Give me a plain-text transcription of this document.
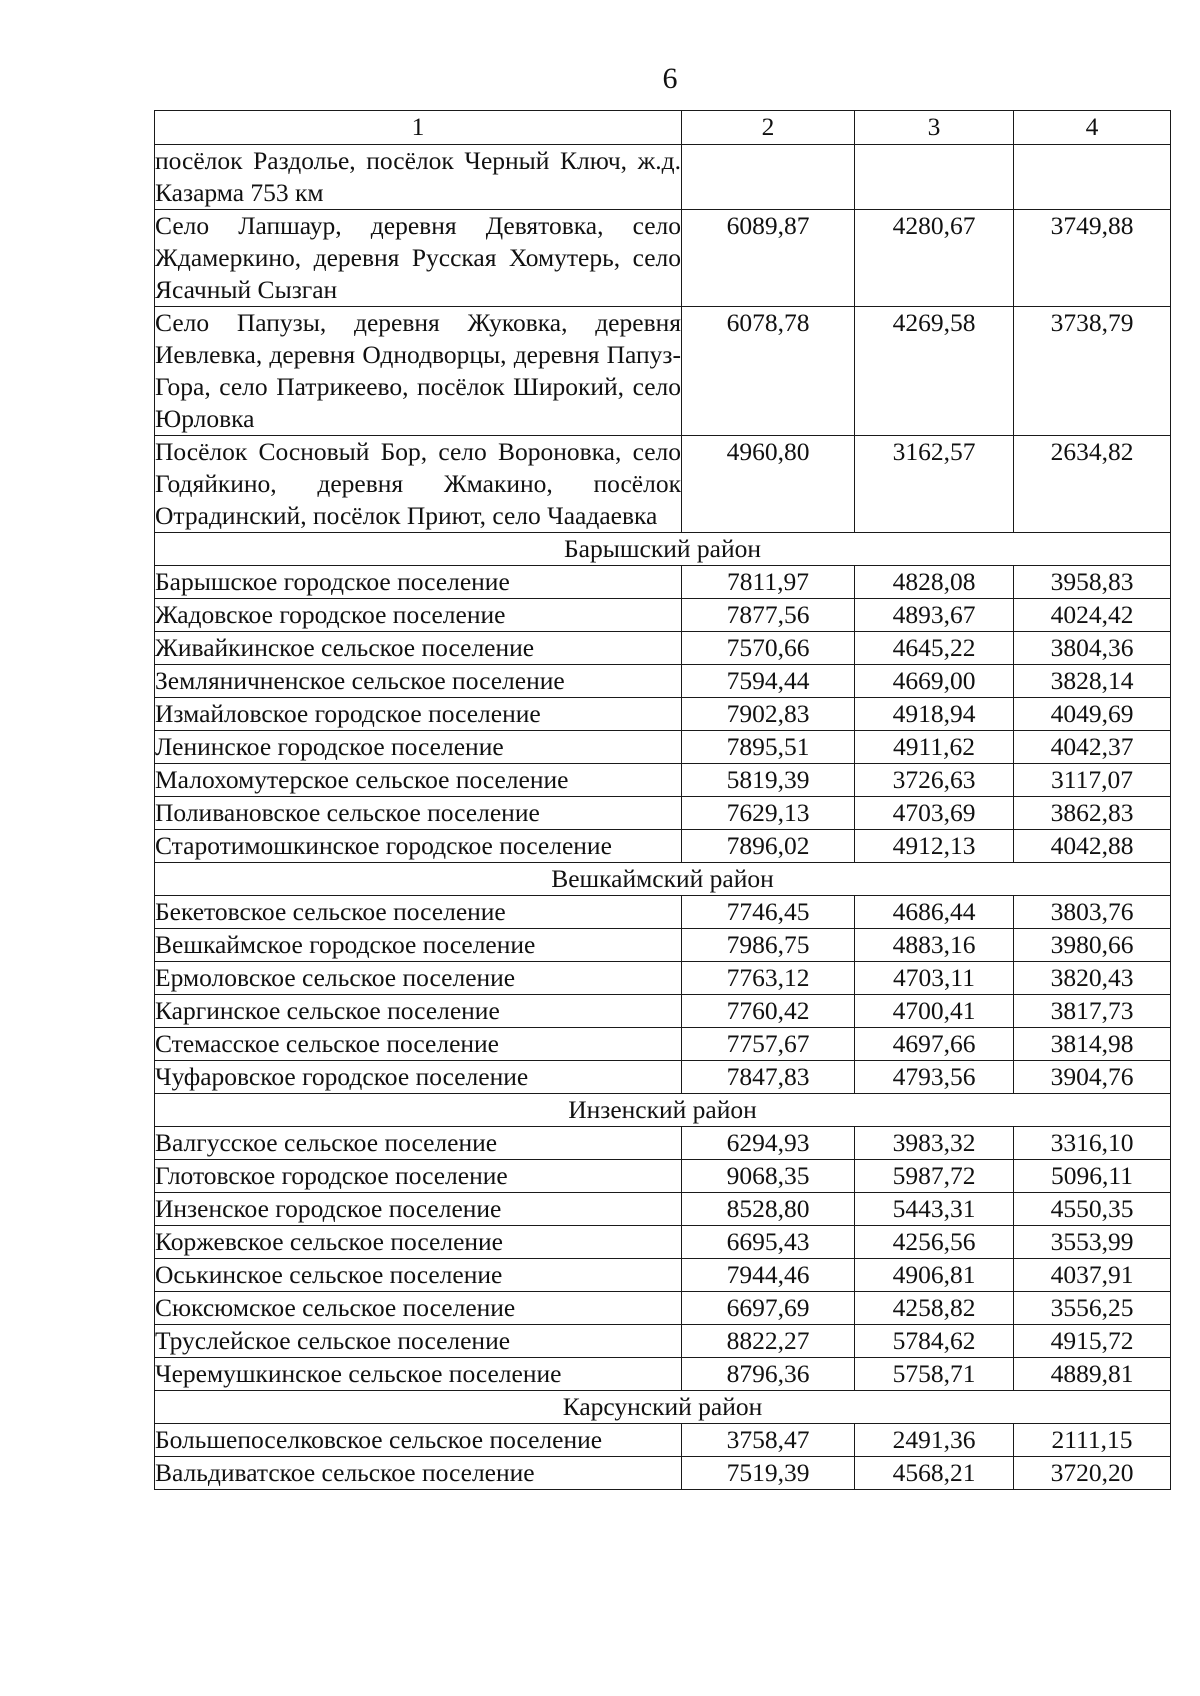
6
1	2	3	4
посёлок Раздолье, посёлок Черный Ключ, ж.д. Казарма 753 км			
Село Лапшаур, деревня Девятовка, село Ждамеркино, деревня Русская Хомутерь, село Ясачный Сызган	6089,87	4280,67	3749,88
Село Папузы, деревня Жуковка, деревня Иевлевка, деревня Однодворцы, деревня Папуз-Гора, село Патрикеево, посёлок Широкий, село Юрловка	6078,78	4269,58	3738,79
Посёлок Сосновый Бор, село Вороновка, село Годяйкино, деревня Жмакино, посёлок Отрадинский, посёлок Приют, село Чаадаевка	4960,80	3162,57	2634,82
Барышский район			
Барышское городское поселение	7811,97	4828,08	3958,83
Жадовское городское поселение	7877,56	4893,67	4024,42
Живайкинское сельское поселение	7570,66	4645,22	3804,36
Земляничненское сельское поселение	7594,44	4669,00	3828,14
Измайловское городское поселение	7902,83	4918,94	4049,69
Ленинское городское поселение	7895,51	4911,62	4042,37
Малохомутерское сельское поселение	5819,39	3726,63	3117,07
Поливановское сельское поселение	7629,13	4703,69	3862,83
Старотимошкинское городское поселение	7896,02	4912,13	4042,88
Вешкаймский район			
Бекетовское сельское поселение	7746,45	4686,44	3803,76
Вешкаймское городское поселение	7986,75	4883,16	3980,66
Ермоловское сельское поселение	7763,12	4703,11	3820,43
Каргинское сельское поселение	7760,42	4700,41	3817,73
Стемасское сельское поселение	7757,67	4697,66	3814,98
Чуфаровское городское поселение	7847,83	4793,56	3904,76
Инзенский район			
Валгусское сельское поселение	6294,93	3983,32	3316,10
Глотовское городское поселение	9068,35	5987,72	5096,11
Инзенское городское поселение	8528,80	5443,31	4550,35
Коржевское сельское поселение	6695,43	4256,56	3553,99
Оськинское сельское поселение	7944,46	4906,81	4037,91
Сюксюмское сельское поселение	6697,69	4258,82	3556,25
Труслейское сельское поселение	8822,27	5784,62	4915,72
Черемушкинское сельское поселение	8796,36	5758,71	4889,81
Карсунский район			
Большепоселковское сельское поселение	3758,47	2491,36	2111,15
Вальдиватское сельское поселение	7519,39	4568,21	3720,20
